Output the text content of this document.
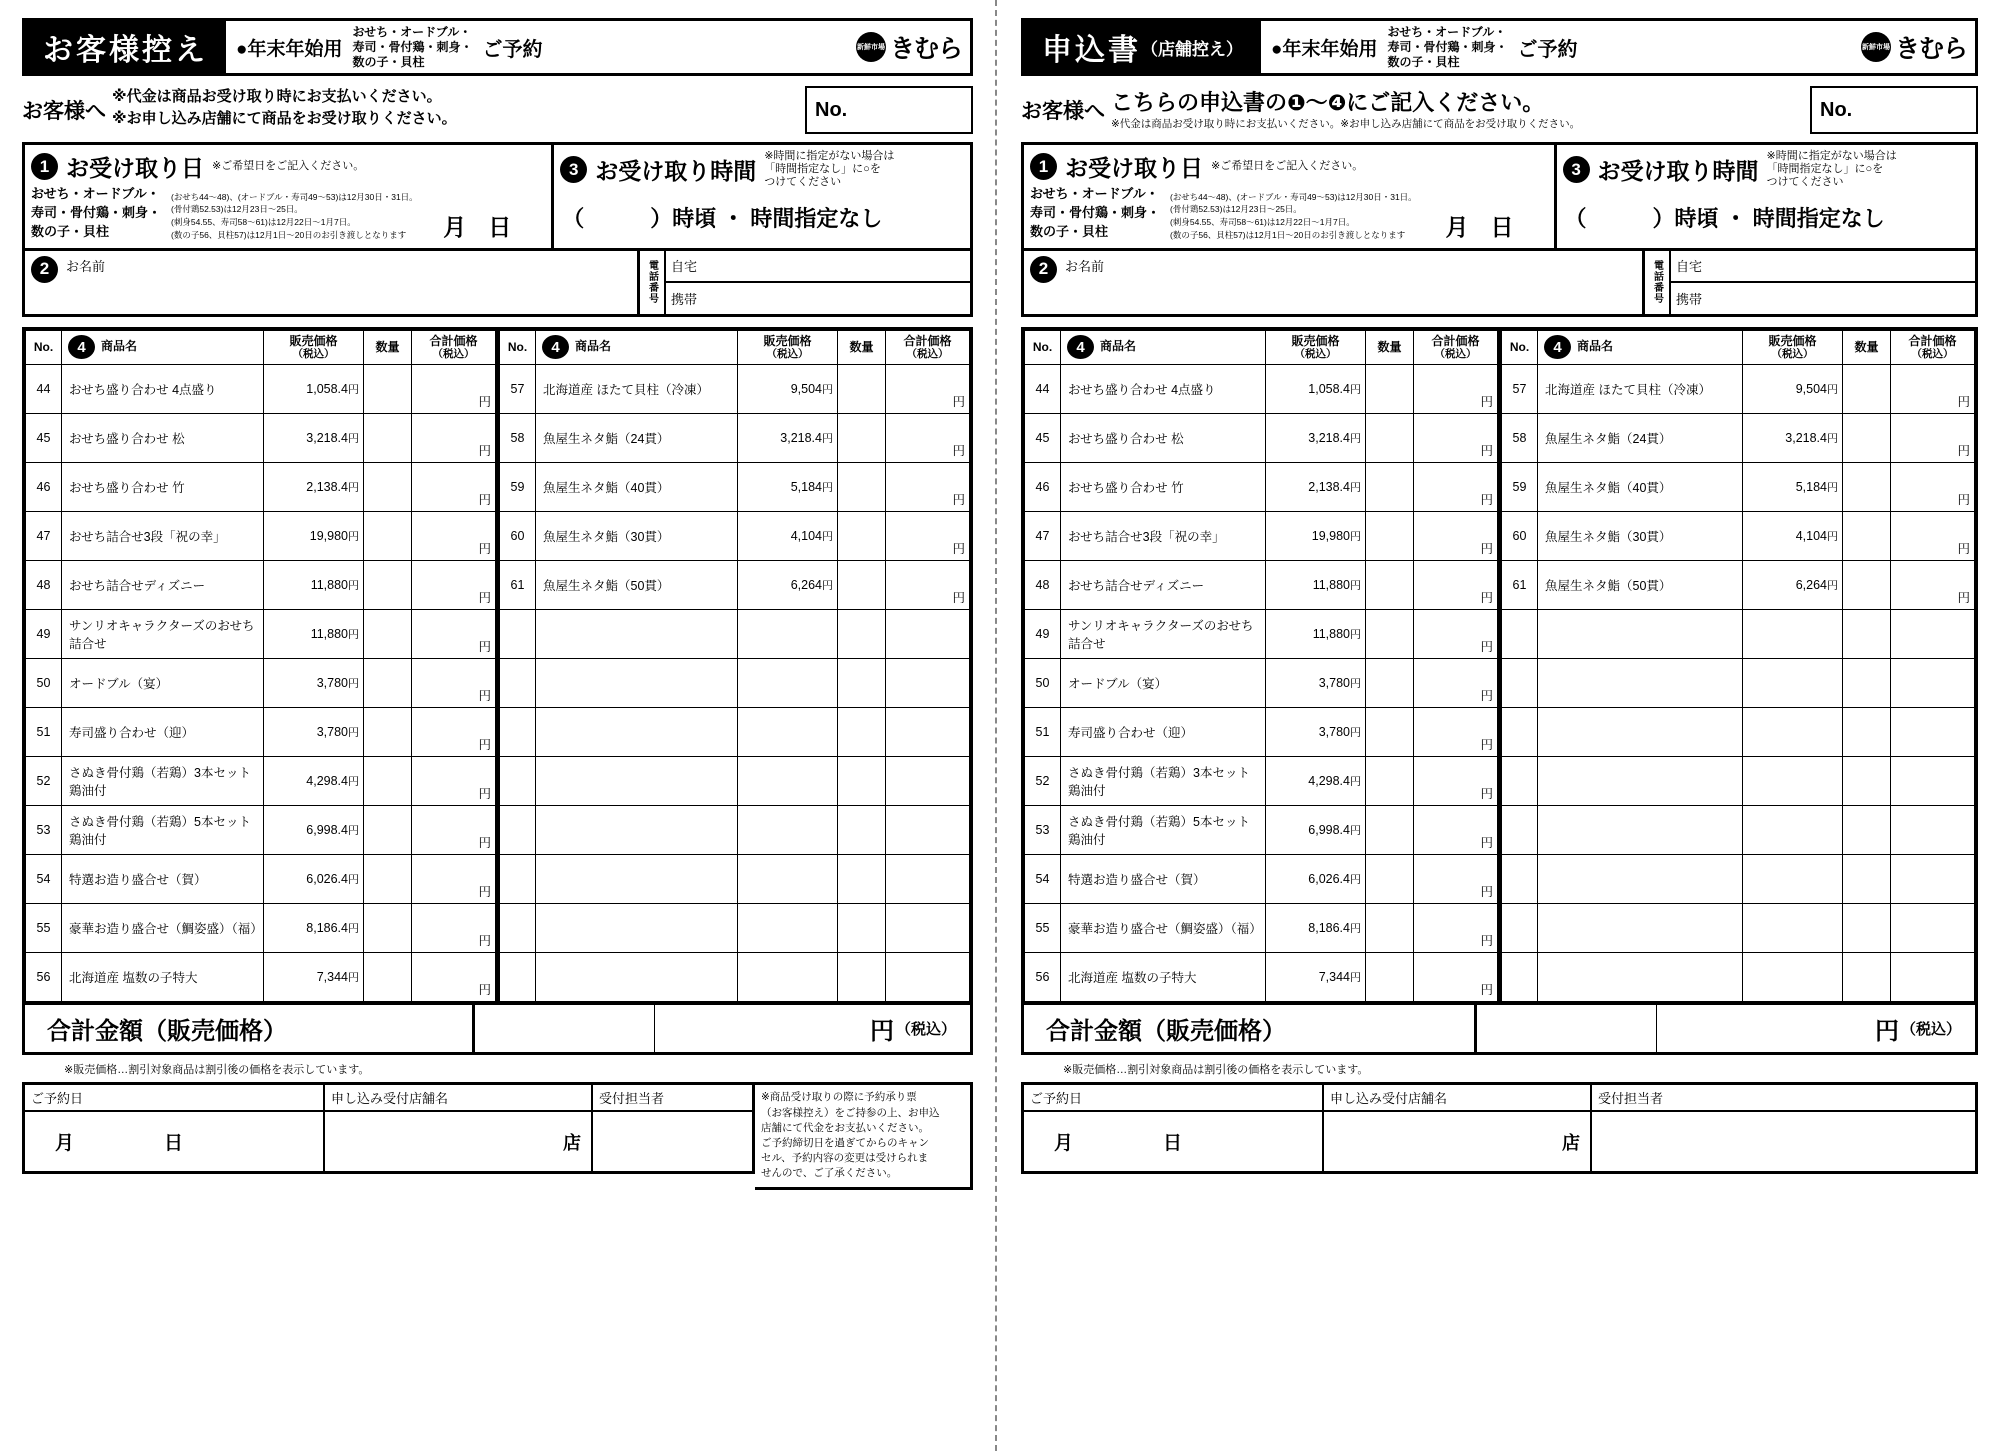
お客様控え ●年末年始用
おせち・オードブル・
寿司・骨付鶏・刺身・
数の子・貝柱
ご予約	新鮮市場 きむら
お客様へ
※代金は商品お受け取り時にお支払いください。
※お申し込み店舗にて商品をお受け取りください。	No.
1 お受け取り日 ※ご希望日をご記入ください。
おせち・オードブル・
寿司・骨付鶏・刺身・
数の子・貝柱
(おせち44～48)、(オードブル・寿司49～53)は12月30日・31日。
(骨付鶏52.53)は12月23日～25日。
(刺身54.55、寿司58～61)は12月22日～1月7日。
(数の子56、貝柱57)は12月1日～20日のお引き渡しとなります	月日
3 お受け取り時間
※時間に指定がない場合は
「時間指定なし」に○を
つけてください
（　　　）時頃 ・ 時間指定なし
2	お名前	電話番号	自宅
携帯
No.	4 商品名	販売価格
（税込）	数量	合計価格
（税込）

44	おせち盛り合わせ 4点盛り	1,058.4円		円
45	おせち盛り合わせ 松	3,218.4円		円
46	おせち盛り合わせ 竹	2,138.4円		円
47	おせち詰合せ3段「祝の幸」	19,980円		円
48	おせち詰合せディズニー	11,880円		円
49	サンリオキャラクターズのおせち詰合せ	11,880円		円
50	オードブル（宴）	3,780円		円
51	寿司盛り合わせ（迎）	3,780円		円
52	さぬき骨付鶏（若鶏）3本セット 鶏油付	4,298.4円		円
53	さぬき骨付鶏（若鶏）5本セット 鶏油付	6,998.4円		円
54	特選お造り盛合せ（賀）	6,026.4円		円
55	豪華お造り盛合せ（鯛姿盛）（福）	8,186.4円		円
56	北海道産 塩数の子特大	7,344円		円
No.	4 商品名	販売価格
（税込）	数量	合計価格
（税込）

57	北海道産 ほたて貝柱（冷凍）	9,504円		円
58	魚屋生ネタ鮨（24貫）	3,218.4円		円
59	魚屋生ネタ鮨（40貫）	5,184円		円
60	魚屋生ネタ鮨（30貫）	4,104円		円
61	魚屋生ネタ鮨（50貫）	6,264円		円

合計金額（販売価格）	円 （税込）
※販売価格…割引対象商品は割引後の価格を表示しています。
ご予約日
月	日
申し込み受付店舗名
店
受付担当者	※商品受け取りの際に予約承り票
（お客様控え）をご持参の上、お申込
店舗にて代金をお支払いください。
ご予約締切日を過ぎてからのキャン
セル、予約内容の変更は受けられま
せんので、ご了承ください。
申込書 （店舗控え） ●年末年始用
おせち・オードブル・
寿司・骨付鶏・刺身・
数の子・貝柱
ご予約	新鮮市場 きむら
お客様へ こちらの申込書の❶～❹にご記入ください。
※代金は商品お受け取り時にお支払いください。※お申し込み店舗にて商品をお受け取りください。
No.
1 お受け取り日 ※ご希望日をご記入ください。
おせち・オードブル・
寿司・骨付鶏・刺身・
数の子・貝柱
(おせち44～48)、(オードブル・寿司49～53)は12月30日・31日。
(骨付鶏52.53)は12月23日～25日。
(刺身54.55、寿司58～61)は12月22日～1月7日。
(数の子56、貝柱57)は12月1日～20日のお引き渡しとなります	月日
3 お受け取り時間
※時間に指定がない場合は
「時間指定なし」に○を
つけてください
（　　　）時頃 ・ 時間指定なし
2	お名前	電話番号	自宅
携帯
No.	4 商品名	販売価格
（税込）	数量	合計価格
（税込）

44	おせち盛り合わせ 4点盛り	1,058.4円		円
45	おせち盛り合わせ 松	3,218.4円		円
46	おせち盛り合わせ 竹	2,138.4円		円
47	おせち詰合せ3段「祝の幸」	19,980円		円
48	おせち詰合せディズニー	11,880円		円
49	サンリオキャラクターズのおせち詰合せ	11,880円		円
50	オードブル（宴）	3,780円		円
51	寿司盛り合わせ（迎）	3,780円		円
52	さぬき骨付鶏（若鶏）3本セット 鶏油付	4,298.4円		円
53	さぬき骨付鶏（若鶏）5本セット 鶏油付	6,998.4円		円
54	特選お造り盛合せ（賀）	6,026.4円		円
55	豪華お造り盛合せ（鯛姿盛）（福）	8,186.4円		円
56	北海道産 塩数の子特大	7,344円		円
No.	4 商品名	販売価格
（税込）	数量	合計価格
（税込）

57	北海道産 ほたて貝柱（冷凍）	9,504円		円
58	魚屋生ネタ鮨（24貫）	3,218.4円		円
59	魚屋生ネタ鮨（40貫）	5,184円		円
60	魚屋生ネタ鮨（30貫）	4,104円		円
61	魚屋生ネタ鮨（50貫）	6,264円		円

合計金額（販売価格）	円 （税込）
※販売価格…割引対象商品は割引後の価格を表示しています。
ご予約日
月	日
申し込み受付店舗名
店
受付担当者
